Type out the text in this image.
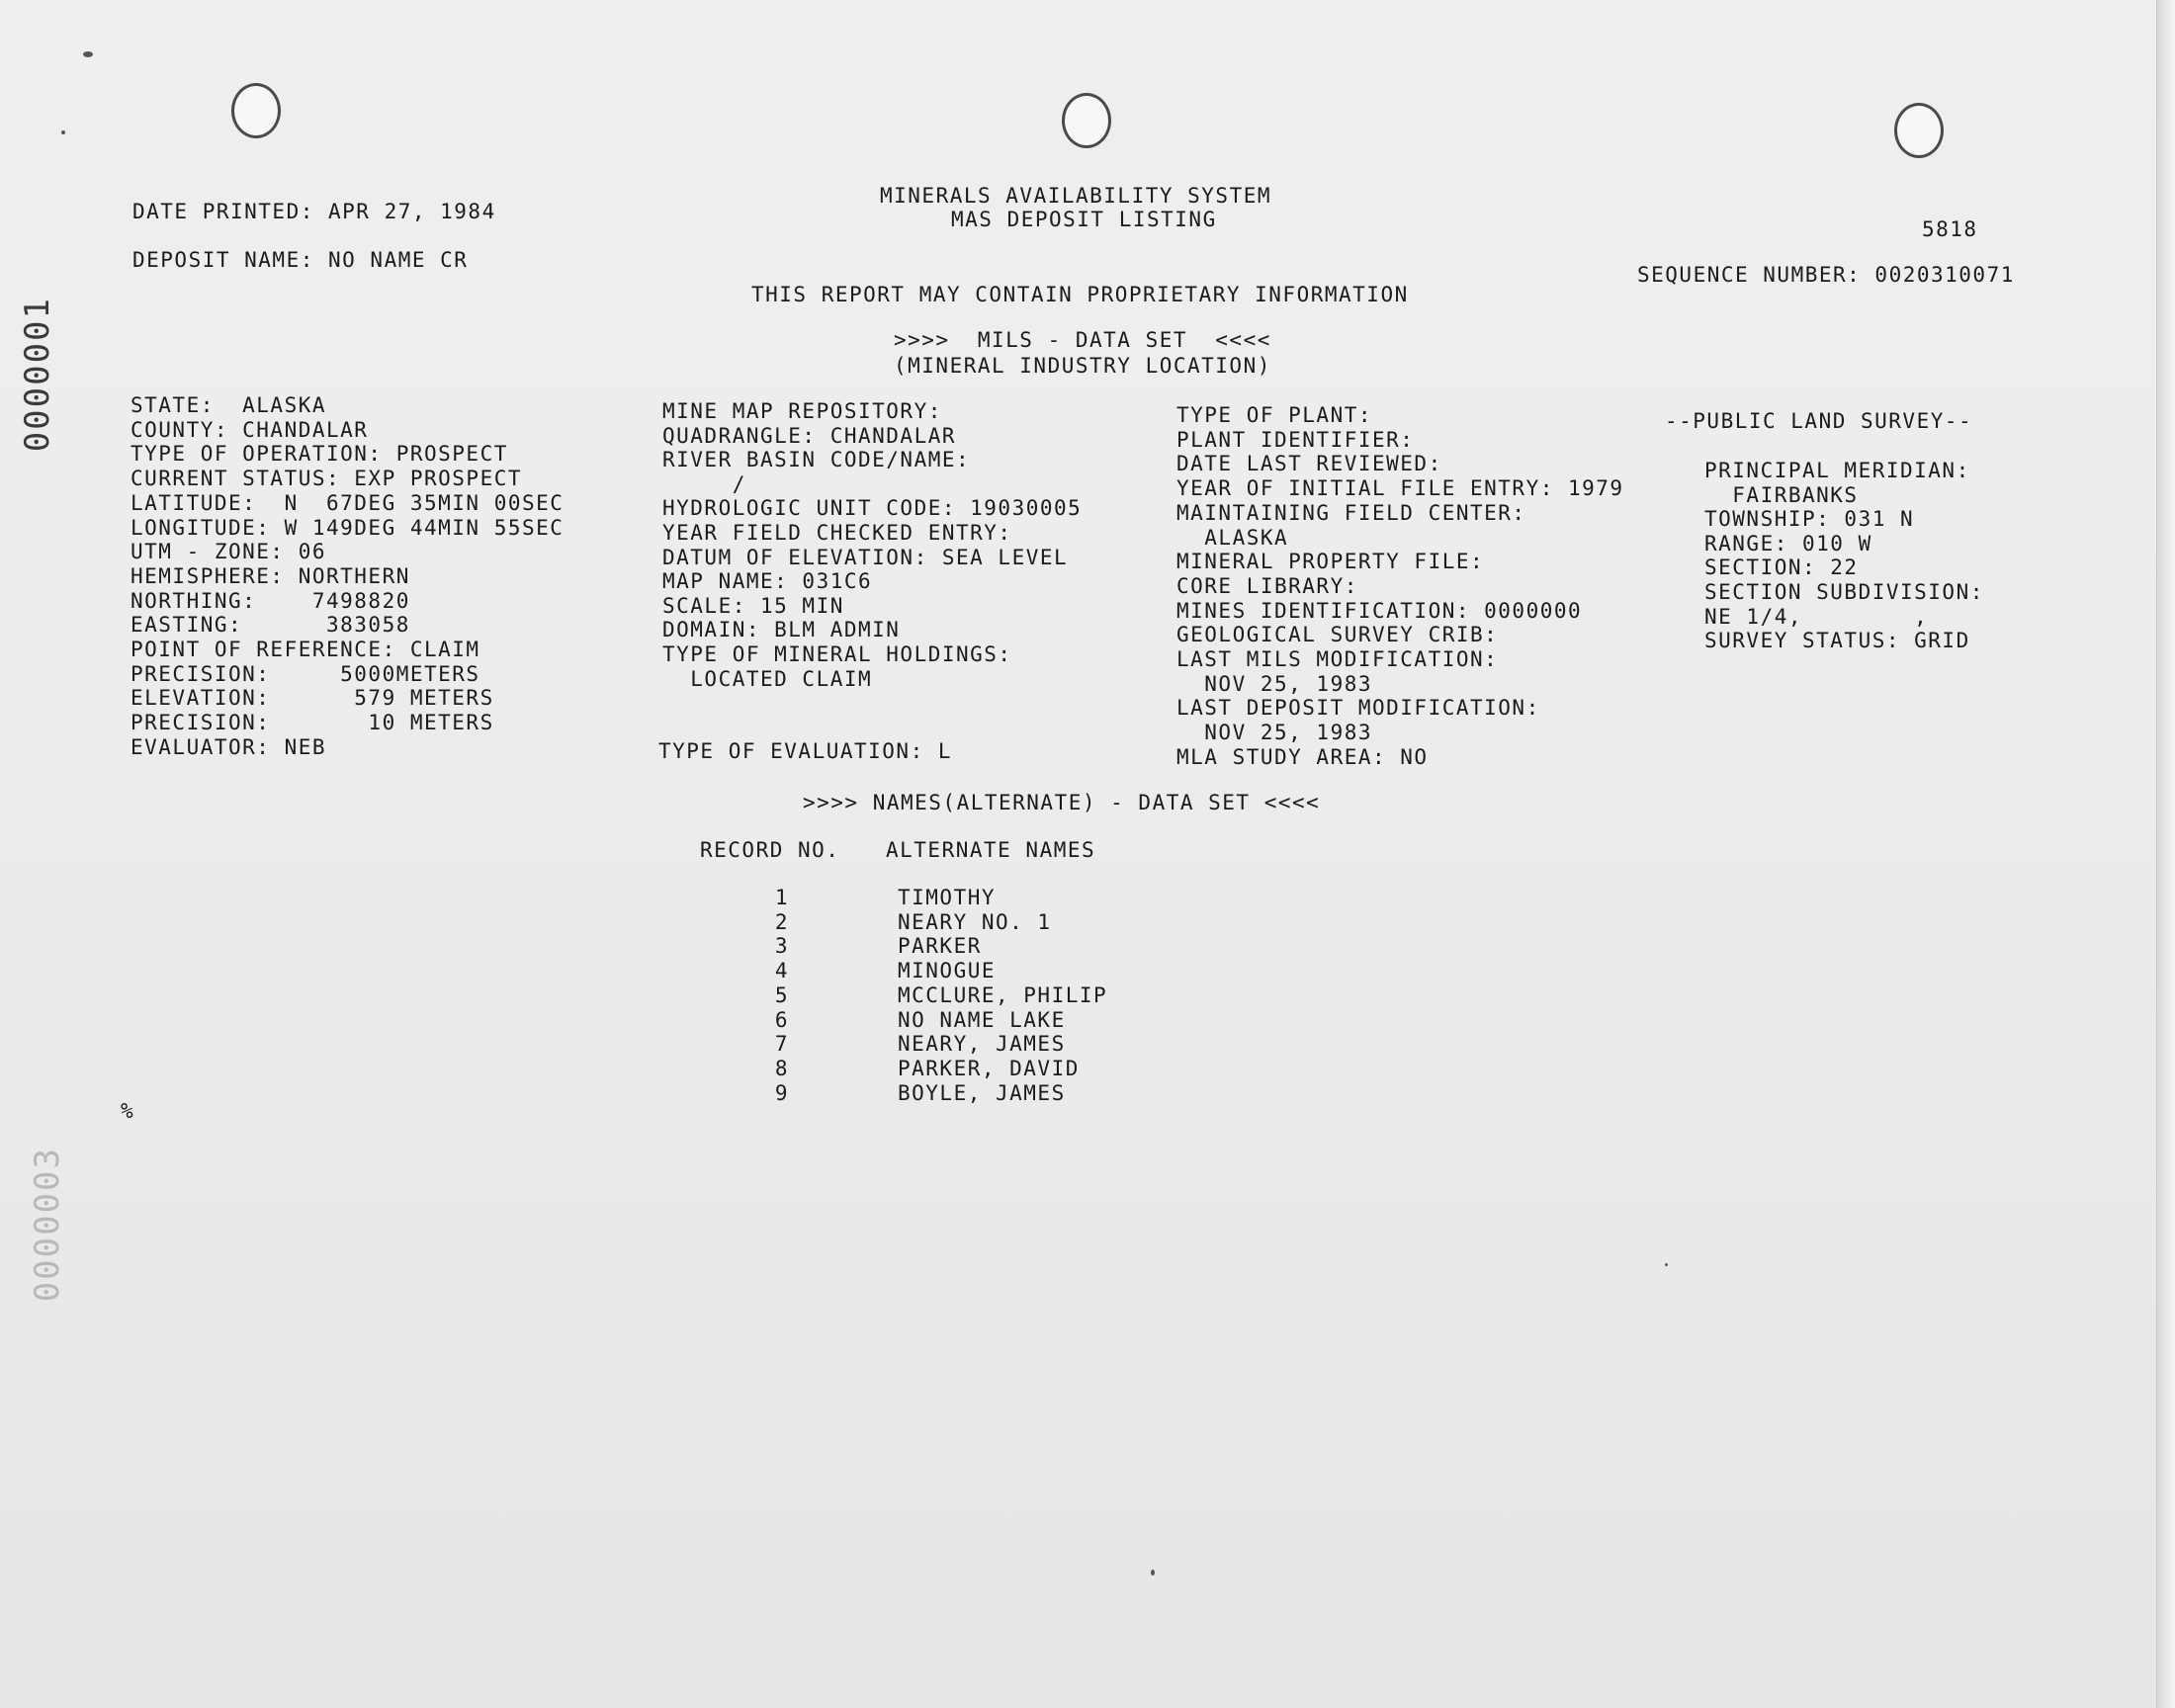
0000001
0000003
DATE PRINTED: APR 27, 1984
DEPOSIT NAME: NO NAME CR
MINERALS AVAILABILITY SYSTEM
MAS DEPOSIT LISTING	5818
SEQUENCE NUMBER: 0020310071
THIS REPORT MAY CONTAIN PROPRIETARY INFORMATION
>>>>  MILS - DATA SET  <<<<
(MINERAL INDUSTRY LOCATION)
STATE:  ALASKA
COUNTY: CHANDALAR
TYPE OF OPERATION: PROSPECT
CURRENT STATUS: EXP PROSPECT
LATITUDE:  N  67DEG 35MIN 00SEC
LONGITUDE: W 149DEG 44MIN 55SEC
UTM - ZONE: 06
HEMISPHERE: NORTHERN
NORTHING:    7498820
EASTING:      383058
POINT OF REFERENCE: CLAIM
PRECISION:     5000METERS
ELEVATION:      579 METERS
PRECISION:       10 METERS
EVALUATOR: NEB
MINE MAP REPOSITORY:
QUADRANGLE: CHANDALAR
RIVER BASIN CODE/NAME:
/
HYDROLOGIC UNIT CODE: 19030005
YEAR FIELD CHECKED ENTRY:
DATUM OF ELEVATION: SEA LEVEL
MAP NAME: 031C6
SCALE: 15 MIN
DOMAIN: BLM ADMIN
TYPE OF MINERAL HOLDINGS:
LOCATED CLAIM
TYPE OF EVALUATION: L
TYPE OF PLANT:
PLANT IDENTIFIER:
DATE LAST REVIEWED:
YEAR OF INITIAL FILE ENTRY: 1979
MAINTAINING FIELD CENTER:
ALASKA
MINERAL PROPERTY FILE:
CORE LIBRARY:
MINES IDENTIFICATION: 0000000
GEOLOGICAL SURVEY CRIB:
LAST MILS MODIFICATION:
NOV 25, 1983
LAST DEPOSIT MODIFICATION:
NOV 25, 1983
MLA STUDY AREA: NO
--PUBLIC LAND SURVEY--
PRINCIPAL MERIDIAN:
FAIRBANKS
TOWNSHIP: 031 N
RANGE: 010 W
SECTION: 22
SECTION SUBDIVISION:
NE 1/4,        ,
SURVEY STATUS: GRID
>>>> NAMES(ALTERNATE) - DATA SET <<<<
RECORD NO. ALTERNATE NAMES
1	TIMOTHY
2	NEARY NO. 1
3	PARKER
4	MINOGUE
5	MCCLURE, PHILIP
6	NO NAME LAKE
7	NEARY, JAMES
8	PARKER, DAVID
9	BOYLE, JAMES
%
